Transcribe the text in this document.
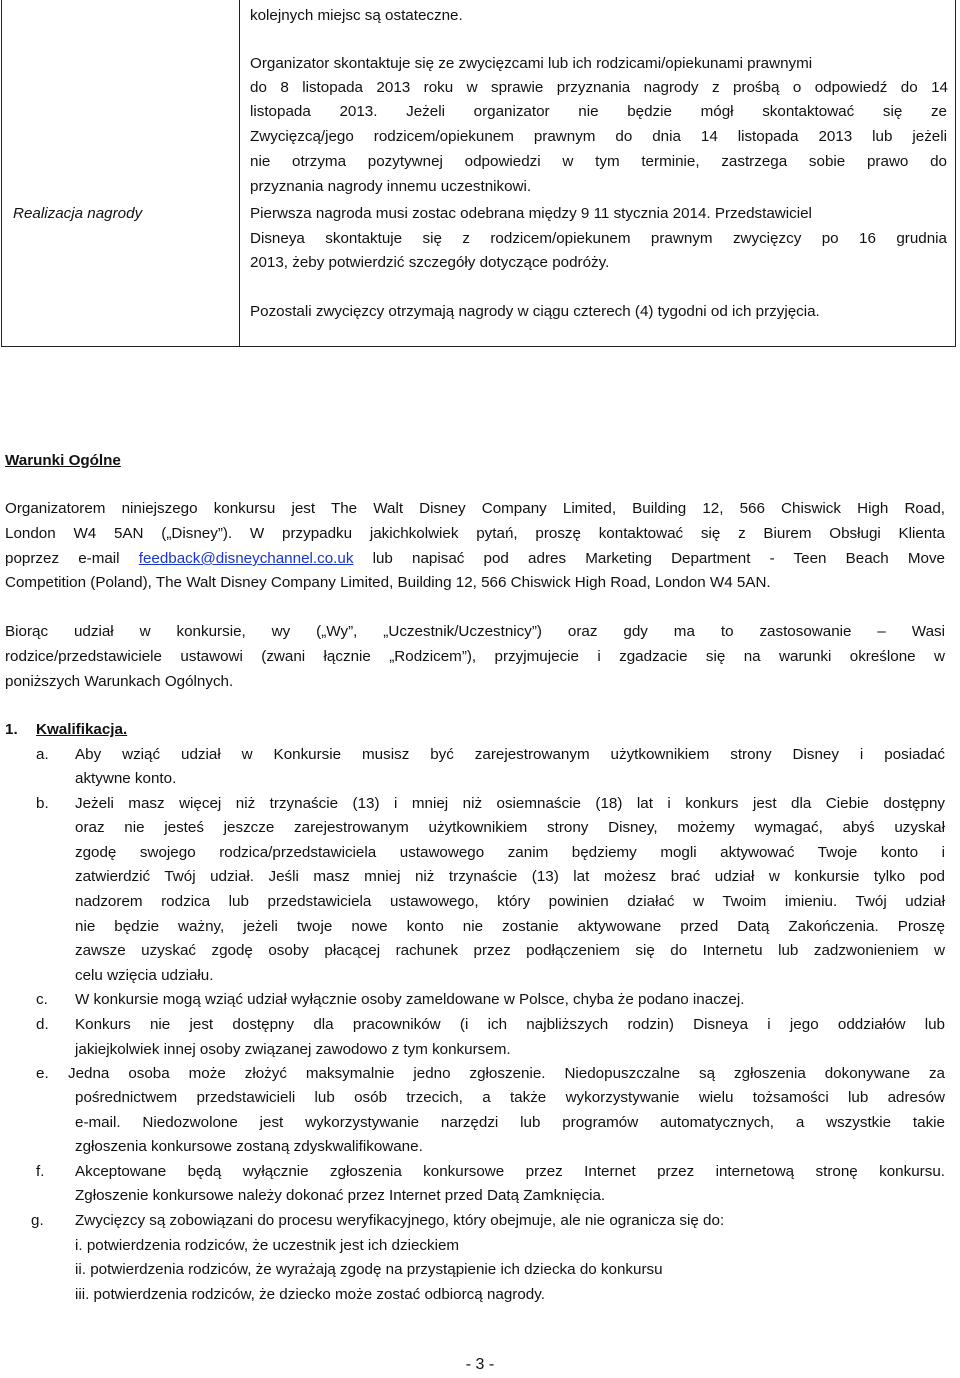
Realizacja nagrody
kolejnych miejsc są ostateczne.
Organizator skontaktuje się ze zwycięzcami lub ich rodzicami/opiekunami prawnymi
do 8 listopada 2013 roku w sprawie przyznania nagrody z prośbą o odpowiedź do 14
listopada 2013. Jeżeli organizator nie będzie mógł skontaktować się ze
Zwycięzcą/jego rodzicem/opiekunem prawnym do dnia 14 listopada 2013 lub jeżeli
nie otrzyma pozytywnej odpowiedzi w tym terminie, zastrzega sobie prawo do
przyznania nagrody innemu uczestnikowi.
Pierwsza nagroda musi zostac odebrana między 9 11 stycznia 2014. Przedstawiciel
Disneya skontaktuje się z rodzicem/opiekunem prawnym zwycięzcy po 16 grudnia
2013, żeby potwierdzić szczegóły dotyczące podróży.
Pozostali zwycięzcy otrzymają nagrody w ciągu czterech (4) tygodni od ich przyjęcia.
Warunki Ogólne
Organizatorem niniejszego konkursu jest The Walt Disney Company Limited, Building 12, 566 Chiswick High Road,
London W4 5AN („Disney”). W przypadku jakichkolwiek pytań, proszę kontaktować się z Biurem Obsługi Klienta
poprzez e-mail feedback@disneychannel.co.uk lub napisać pod adres Marketing Department - Teen Beach Move
Competition (Poland), The Walt Disney Company Limited, Building 12, 566 Chiswick High Road, London W4 5AN.
Biorąc udział w konkursie, wy („Wy”, „Uczestnik/Uczestnicy”) oraz gdy ma to zastosowanie – Wasi
rodzice/przedstawiciele ustawowi (zwani łącznie „Rodzicem”), przyjmujecie i zgadzacie się na warunki określone w
poniższych Warunkach Ogólnych.
1. Kwalifikacja.
a. Aby wziąć udział w Konkursie musisz być zarejestrowanym użytkownikiem strony Disney i posiadać
aktywne konto.
b. Jeżeli masz więcej niż trzynaście (13) i mniej niż osiemnaście (18) lat i konkurs jest dla Ciebie dostępny
oraz nie jesteś jeszcze zarejestrowanym użytkownikiem strony Disney, możemy wymagać, abyś uzyskał
zgodę swojego rodzica/przedstawiciela ustawowego zanim będziemy mogli aktywować Twoje konto i
zatwierdzić Twój udział. Jeśli masz mniej niż trzynaście (13) lat możesz brać udział w konkursie tylko pod
nadzorem rodzica lub przedstawiciela ustawowego, który powinien działać w Twoim imieniu. Twój udział
nie będzie ważny, jeżeli twoje nowe konto nie zostanie aktywowane przed Datą Zakończenia. Proszę
zawsze uzyskać zgodę osoby płacącej rachunek przez podłączeniem się do Internetu lub zadzwonieniem w
celu wzięcia udziału.
c. W konkursie mogą wziąć udział wyłącznie osoby zameldowane w Polsce, chyba że podano inaczej.
d. Konkurs nie jest dostępny dla pracowników (i ich najbliższych rodzin) Disneya i jego oddziałów lub
jakiejkolwiek innej osoby związanej zawodowo z tym konkursem.
e. Jedna osoba może złożyć maksymalnie jedno zgłoszenie. Niedopuszczalne są zgłoszenia dokonywane za
pośrednictwem przedstawicieli lub osób trzecich, a także wykorzystywanie wielu tożsamości lub adresów
e-mail. Niedozwolone jest wykorzystywanie narzędzi lub programów automatycznych, a wszystkie takie
zgłoszenia konkursowe zostaną zdyskwalifikowane.
f. Akceptowane będą wyłącznie zgłoszenia konkursowe przez Internet przez internetową stronę konkursu.
Zgłoszenie konkursowe należy dokonać przez Internet przed Datą Zamknięcia.
g. Zwycięzcy są zobowiązani do procesu weryfikacyjnego, który obejmuje, ale nie ogranicza się do:
i. potwierdzenia rodziców, że uczestnik jest ich dzieckiem
ii. potwierdzenia rodziców, że wyrażają zgodę na przystąpienie ich dziecka do konkursu
iii. potwierdzenia rodziców, że dziecko może zostać odbiorcą nagrody.
- 3 -
